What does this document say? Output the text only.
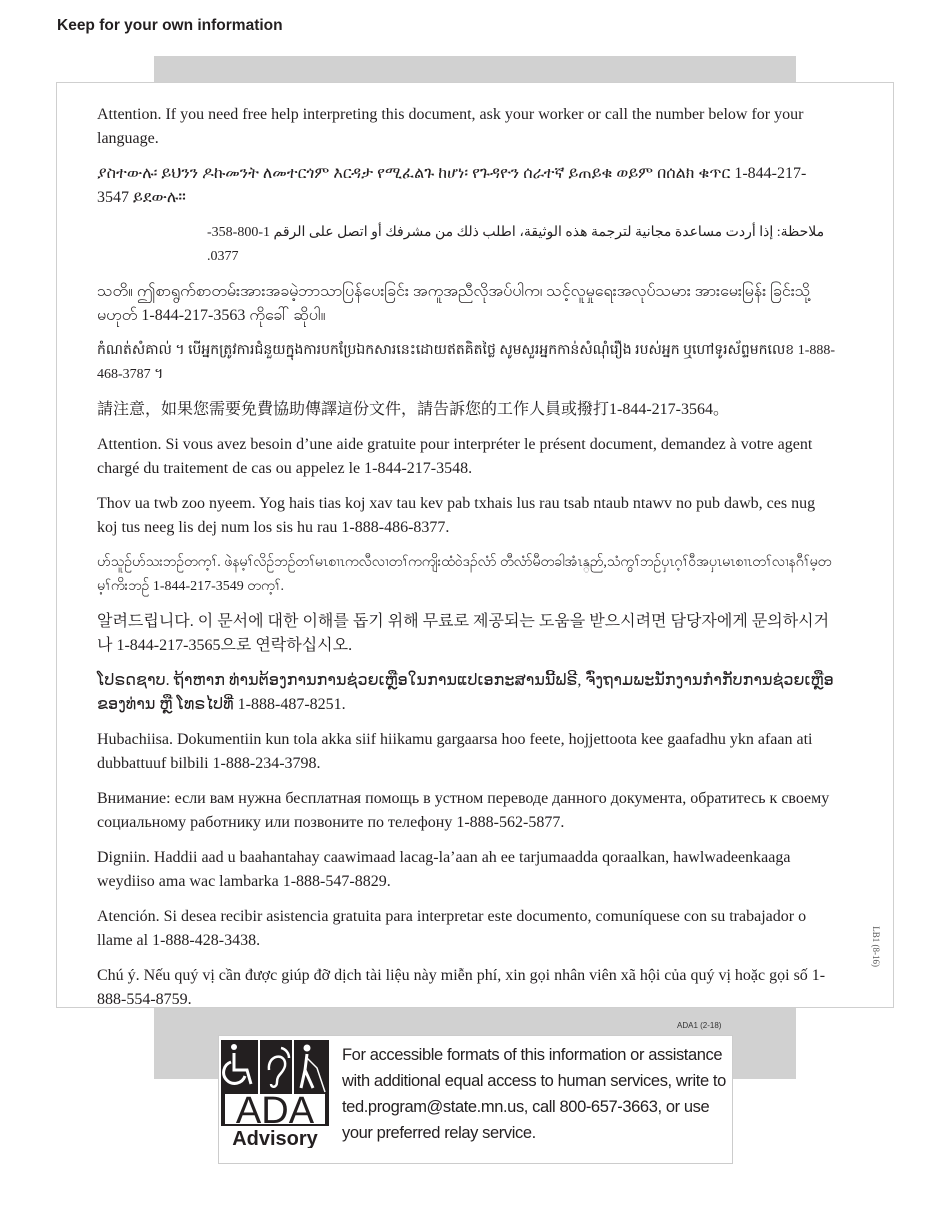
Keep for your own information

Attention. If you need free help interpreting this document, ask your worker or call the number below for your language.

ያስተውሉ፡ ይህንን ዶኩመንት ለመተርጎም እርዳታ የሚፈልጉ ከሆነ፡ የጉዳዮን ሰራተኛ ይጠይቁ ወይም በሰልክ ቁጥር 1-844-217-3547 ይደውሉ።

ملاحظة: إذا أردت مساعدة مجانية لترجمة هذه الوثيقة، اطلب ذلك من مشرفك أو اتصل على الرقم 1-800-358-0377.

သတိ။ ဤစာရွက်စာတမ်းအားအခမဲ့ဘာသာပြန်ပေးခြင်း အကူအညီလိုအပ်ပါက၊ သင့်လူမှုရေးအလုပ်သမား အားမေးမြန်း ခြင်းသို့ မဟုတ် 1-844-217-3563 ကိုခေါ် ဆိုပါ။

កំណត់សំគាល់ ។ បើអ្នកត្រូវការជំនួយក្នុងការបកប្រែឯកសារនេះដោយឥតគិតថ្លៃ សូមសួរអ្នកកាន់សំណុំរឿង របស់អ្នក ឬហៅទូរស័ព្ទមកលេខ 1-888-468-3787 ។

請注意，如果您需要免費協助傳譯這份文件，請告訴您的工作人員或撥打1-844-217-3564。

Attention. Si vous avez besoin d’une aide gratuite pour interpréter le présent document, demandez à votre agent chargé du traitement de cas ou appelez le 1-844-217-3548.

Thov ua twb zoo nyeem. Yog hais tias koj xav tau kev pab txhais lus rau tsab ntaub ntawv no pub dawb, ces nug koj tus neeg lis dej num los sis hu rau 1-888-486-8377.

ဟ်သူဉ်ဟ်သးဘဉ်တက့ၢ်. ဖဲနမ့ၢ်လိဉ်ဘဉ်တၢ်မၤစၢၤကလီလၢတၢ်ကကျိးထံဝဲဒၣ်လံာ် တီလံာ်မီတခါအံၤန္ဉာ်,သံကွၢ်ဘဉ်ပှၤဂ့ၢ်ဝီအပှၤမၤစၢၤတၢ်လၢနဂီၢ်မ့တမ့ၢ်ကိးဘဉ် 1-844-217-3549 တက့ၢ်.

알려드립니다. 이 문서에 대한 이해를 돕기 위해 무료로 제공되는 도움을 받으시려면 담당자에게 문의하시거나 1-844-217-3565으로 연락하십시오.

ໂປຣດຊາບ. ຖ້າຫາກ ທ່ານຕ້ອງການການຊ່ວຍເຫຼືອໃນການແປເອກະສານນີ້ຟຣີ, ຈົ່ງຖາມພະນັກງານກຳກັບການຊ່ວຍເຫຼືອຂອງທ່ານ ຫຼື ໂທຣໄປທີ່ 1-888-487-8251.

Hubachiisa. Dokumentiin kun tola akka siif hiikamu gargaarsa hoo feete, hojjettoota kee gaafadhu ykn afaan ati dubbattuuf bilbili 1-888-234-3798.

Внимание: если вам нужна бесплатная помощь в устном переводе данного документа, обратитесь к своему социальному работнику или позвоните по телефону 1-888-562-5877.

Digniin. Haddii aad u baahantahay caawimaad lacag-la’aan ah ee tarjumaadda qoraalkan, hawlwadeenkaaga weydiiso ama wac lambarka 1-888-547-8829.

Atención. Si desea recibir asistencia gratuita para interpretar este documento, comuníquese con su trabajador o llame al 1-888-428-3438.

Chú ý. Nếu quý vị cần được giúp đỡ dịch tài liệu này miễn phí, xin gọi nhân viên xã hội của quý vị hoặc gọi số 1-888-554-8759.

LB1 (8-16)
ADA1 (2-18)
ADA
Advisory
For accessible formats of this information or assistance with additional equal access to human services, write to ted.program@state.mn.us, call 800-657-3663, or use your preferred relay service.
